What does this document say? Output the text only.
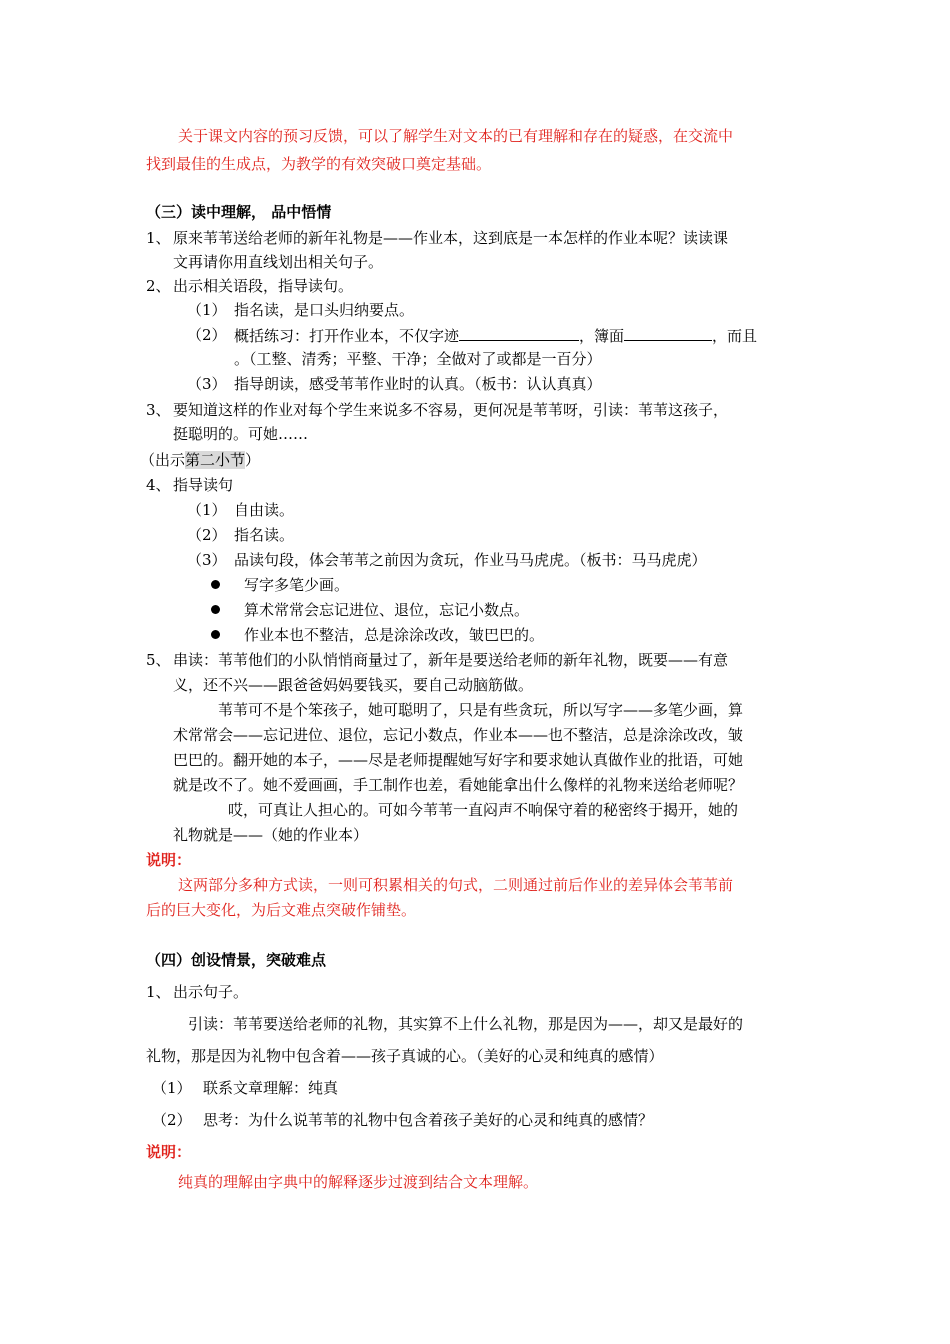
关于课文内容的预习反馈，可以了解学生对文本的已有理解和存在的疑惑，在交流中
找到最佳的生成点，为教学的有效突破口奠定基础。
（三）读中理解， 品中悟情
1、 原来苇苇送给老师的新年礼物是——作业本，这到底是一本怎样的作业本呢？读读课
文再请你用直线划出相关句子。
2、 出示相关语段，指导读句。
（1） 指名读，是口头归纳要点。
（2） 概括练习：打开作业本，不仅字迹	，簿面	，而且
。（工整、清秀；平整、干净；全做对了或都是一百分）
（3） 指导朗读，感受苇苇作业时的认真。（板书：认认真真）
3、 要知道这样的作业对每个学生来说多不容易，更何况是苇苇呀，引读：苇苇这孩子，
挺聪明的。可她……
（出示第二小节）
4、 指导读句
（1） 自由读。
（2） 指名读。
（3） 品读句段，体会苇苇之前因为贪玩，作业马马虎虎。（板书：马马虎虎）
写字多笔少画。
算术常常会忘记进位、退位，忘记小数点。
作业本也不整洁，总是涂涂改改，皱巴巴的。
5、 串读：苇苇他们的小队悄悄商量过了，新年是要送给老师的新年礼物，既要——有意
义，还不兴——跟爸爸妈妈要钱买，要自己动脑筋做。
苇苇可不是个笨孩子，她可聪明了，只是有些贪玩，所以写字——多笔少画，算
术常常会——忘记进位、退位，忘记小数点，作业本——也不整洁，总是涂涂改改，皱
巴巴的。翻开她的本子，——尽是老师提醒她写好字和要求她认真做作业的批语，可她
就是改不了。她不爱画画，手工制作也差，看她能拿出什么像样的礼物来送给老师呢？
哎，可真让人担心的。可如今苇苇一直闷声不响保守着的秘密终于揭开，她的
礼物就是——（她的作业本）
说明：
这两部分多种方式读，一则可积累相关的句式，二则通过前后作业的差异体会苇苇前
后的巨大变化，为后文难点突破作铺垫。
（四）创设情景，突破难点
1、 出示句子。
引读：苇苇要送给老师的礼物，其实算不上什么礼物，那是因为——，却又是最好的
礼物，那是因为礼物中包含着——孩子真诚的心。（美好的心灵和纯真的感情）
（1） 联系文章理解：纯真
（2） 思考：为什么说苇苇的礼物中包含着孩子美好的心灵和纯真的感情？
说明：
纯真的理解由字典中的解释逐步过渡到结合文本理解。
